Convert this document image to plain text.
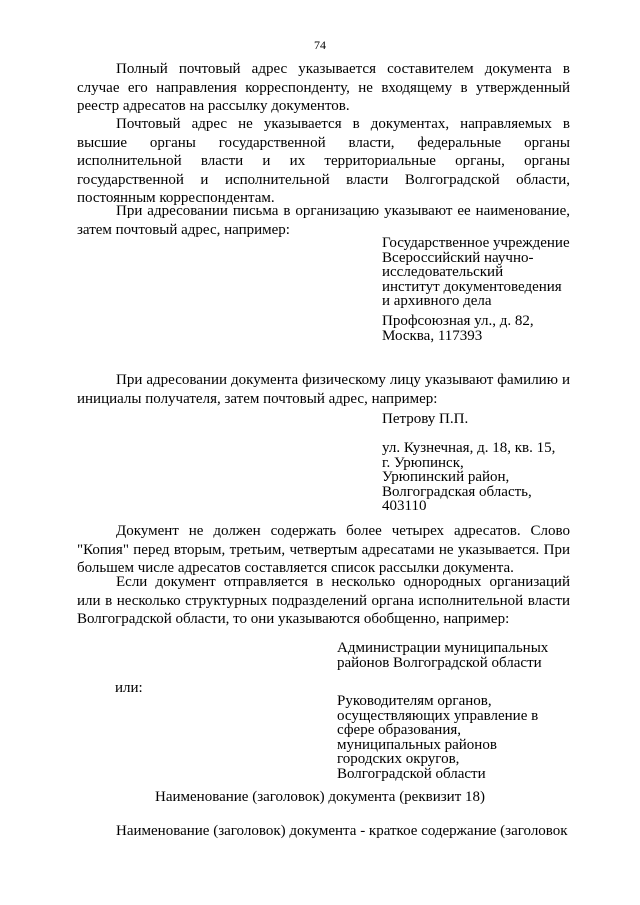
74

Полный почтовый адрес указывается составителем документа в случае его направления корреспонденту, не входящему в утвержденный реестр адресатов на рассылку документов.

Почтовый адрес не указывается в документах, направляемых в высшие органы государственной власти, федеральные органы исполнительной власти и их территориальные органы, органы государственной и исполнительной власти Волгоградской области, постоянным корреспондентам.

При адресовании письма в организацию указывают ее наименование, затем почтовый адрес, например:

Государственное учреждение
Всероссийский научно-
исследовательский
институт документоведения
и архивного дела
Профсоюзная ул., д. 82,
Москва, 117393

При адресовании документа физическому лицу указывают фамилию и инициалы получателя, затем почтовый адрес, например:

Петрову П.П.
ул. Кузнечная, д. 18, кв. 15,
г. Урюпинск,
Урюпинский район,
Волгоградская область,
403110

Документ не должен содержать более четырех адресатов. Слово "Копия" перед вторым, третьим, четвертым адресатами не указывается. При большем числе адресатов составляется список рассылки документа.

Если документ отправляется в несколько однородных организаций или в несколько структурных подразделений органа исполнительной власти Волгоградской области, то они указываются обобщенно, например:

Администрации муниципальных
районов Волгоградской области
или:
Руководителям органов,
осуществляющих управление в
сфере образования,
муниципальных районов
городских округов,
Волгоградской области
Наименование (заголовок) документа (реквизит 18)
Наименование (заголовок) документа - краткое содержание (заголовок
